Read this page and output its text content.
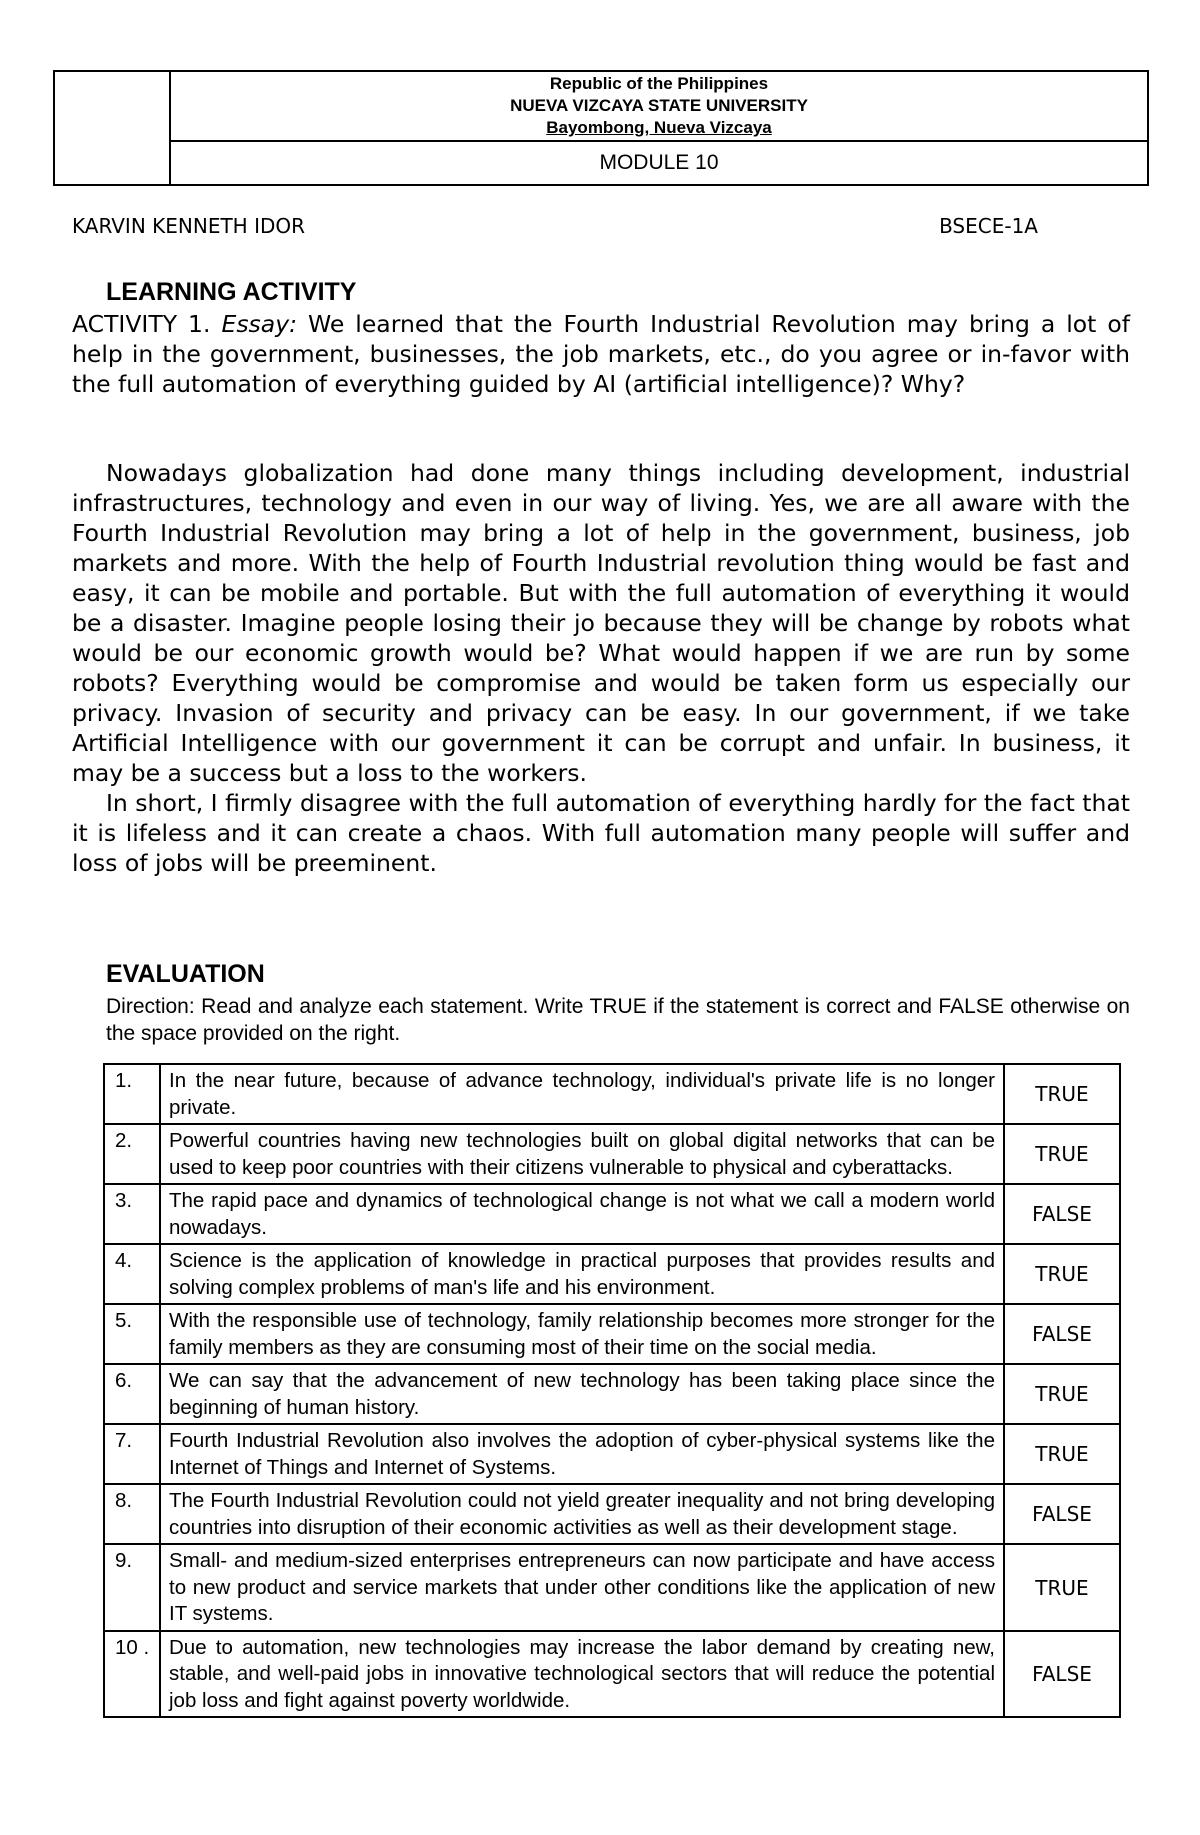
Republic of the Philippines
NUEVA VIZCAYA STATE UNIVERSITY
Bayombong, Nueva Vizcaya
MODULE 10
KARVIN KENNETH IDOR	BSECE-1A
LEARNING ACTIVITY

ACTIVITY 1. Essay: We learned that the Fourth Industrial Revolution may bring a lot of help in the government, businesses, the job markets, etc., do you agree or in-favor with the full automation of everything guided by AI (artificial intelligence)? Why?

Nowadays globalization had done many things including development, industrial infrastructures, technology and even in our way of living. Yes, we are all aware with the Fourth Industrial Revolution may bring a lot of help in the government, business, job markets and more. With the help of Fourth Industrial revolution thing would be fast and easy, it can be mobile and portable. But with the full automation of everything it would be a disaster. Imagine people losing their jo because they will be change by robots what would be our economic growth would be? What would happen if we are run by some robots? Everything would be compromise and would be taken form us especially our privacy. Invasion of security and privacy can be easy. In our government, if we take Artificial Intelligence with our government it can be corrupt and unfair. In business, it may be a success but a loss to the workers.

In short, I firmly disagree with the full automation of everything hardly for the fact that it is lifeless and it can create a chaos. With full automation many people will suffer and loss of jobs will be preeminent.

EVALUATION
Direction: Read and analyze each statement. Write TRUE if the statement is correct and FALSE otherwise on the space provided on the right.
1.	In the near future, because of advance technology, individual's private life is no longer private.	TRUE
2.	Powerful countries having new technologies built on global digital networks that can be used to keep poor countries with their citizens vulnerable to physical and cyberattacks.	TRUE
3.	The rapid pace and dynamics of technological change is not what we call a modern world nowadays.	FALSE
4.	Science is the application of knowledge in practical purposes that provides results and solving complex problems of man's life and his environment.	TRUE
5.	With the responsible use of technology, family relationship becomes more stronger for the family members as they are consuming most of their time on the social media.	FALSE
6.	We can say that the advancement of new technology has been taking place since the beginning of human history.	TRUE
7.	Fourth Industrial Revolution also involves the adoption of cyber-physical systems like the Internet of Things and Internet of Systems.	TRUE
8.	The Fourth Industrial Revolution could not yield greater inequality and not bring developing countries into disruption of their economic activities as well as their development stage.	FALSE
9.	Small- and medium-sized enterprises entrepreneurs can now participate and have access to new product and service markets that under other conditions like the application of new IT systems.	TRUE
10 .	Due to automation, new technologies may increase the labor demand by creating new, stable, and well-paid jobs in innovative technological sectors that will reduce the potential job loss and fight against poverty worldwide.	FALSE
